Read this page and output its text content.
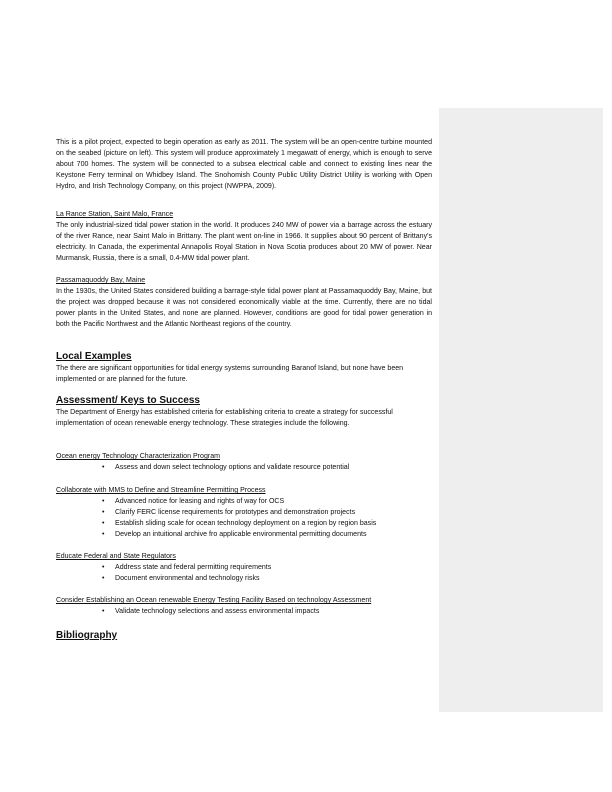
This is a pilot project, expected to begin operation as early as 2011. The system will be an open-centre turbine mounted on the seabed (picture on left). This system will produce approximately 1 megawatt of energy, which is enough to serve about 700 homes. The system will be connected to a subsea electrical cable and connect to existing lines near the Keystone Ferry terminal on Whidbey Island. The Snohomish County Public Utility District Utility is working with Open Hydro, and Irish Technology Company, on this project (NWPPA, 2009).

La Rance Station, Saint Malo, France

The only industrial-sized tidal power station in the world. It produces 240 MW of power via a barrage across the estuary of the river Rance, near Saint Malo in Brittany. The plant went on-line in 1966. It supplies about 90 percent of Brittany's electricity. In Canada, the experimental Annapolis Royal Station in Nova Scotia produces about 20 MW of power. Near Murmansk, Russia, there is a small, 0.4-MW tidal power plant.

Passamaquoddy Bay, Maine

In the 1930s, the United States considered building a barrage-style tidal power plant at Passamaquoddy Bay, Maine, but the project was dropped because it was not considered economically viable at the time. Currently, there are no tidal power plants in the United States, and none are planned. However, conditions are good for tidal power generation in both the Pacific Northwest and the Atlantic Northeast regions of the country.

Local Examples

The there are significant opportunities for tidal energy systems surrounding Baranof Island, but none have been implemented or are planned for the future.

Assessment/ Keys to Success

The Department of Energy has established criteria for establishing criteria to create a strategy for successful implementation of ocean renewable energy technology. These strategies include the following.

Ocean energy Technology Characterization Program
• Assess and down select technology options and validate resource potential
Collaborate with MMS to Define and Streamline Permitting Process
• Advanced notice for leasing and rights of way for OCS
• Clarify FERC license requirements for prototypes and demonstration projects
• Establish sliding scale for ocean technology deployment on a region by region basis
• Develop an intuitional archive fro applicable environmental permitting documents
Educate Federal and State Regulators
• Address state and federal permitting requirements
• Document environmental and technology risks
Consider Establishing an Ocean renewable Energy Testing Facility Based on technology Assessment
• Validate technology selections and assess environmental impacts
Bibliography
